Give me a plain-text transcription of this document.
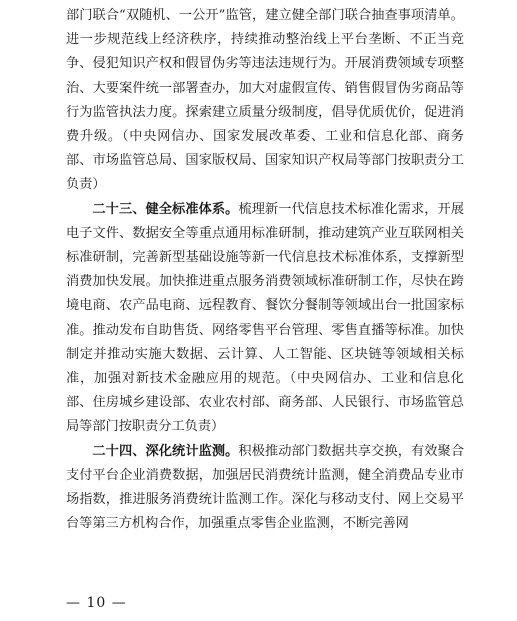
部门联合“双随机、一公开”监管，建立健全部门联合抽查事项清单。进一步规范线上经济秩序，持续推动整治线上平台垄断、不正当竞争、侵犯知识产权和假冒伪劣等违法违规行为。开展消费领域专项整治、大要案件统一部署查办，加大对虚假宣传、销售假冒伪劣商品等行为监管执法力度。探索建立质量分级制度，倡导优质优价，促进消费升级。（中央网信办、国家发展改革委、工业和信息化部、商务部、市场监管总局、国家版权局、国家知识产权局等部门按职责分工负责）

二十三、健全标准体系。梳理新一代信息技术标准化需求，开展电子文件、数据安全等重点通用标准研制，推动建筑产业互联网相关标准研制，完善新型基础设施等新一代信息技术标准体系，支撑新型消费加快发展。加快推进重点服务消费领域标准研制工作，尽快在跨境电商、农产品电商、远程教育、餐饮分餐制等领域出台一批国家标准。推动发布自助售货、网络零售平台管理、零售直播等标准。加快制定并推动实施大数据、云计算、人工智能、区块链等领域相关标准，加强对新技术金融应用的规范。（中央网信办、工业和信息化部、住房城乡建设部、农业农村部、商务部、人民银行、市场监管总局等部门按职责分工负责）

二十四、深化统计监测。积极推动部门数据共享交换，有效聚合支付平台企业消费数据，加强居民消费统计监测，健全消费品专业市场指数，推进服务消费统计监测工作。深化与移动支付、网上交易平台等第三方机构合作，加强重点零售企业监测，不断完善网

— 10 —
